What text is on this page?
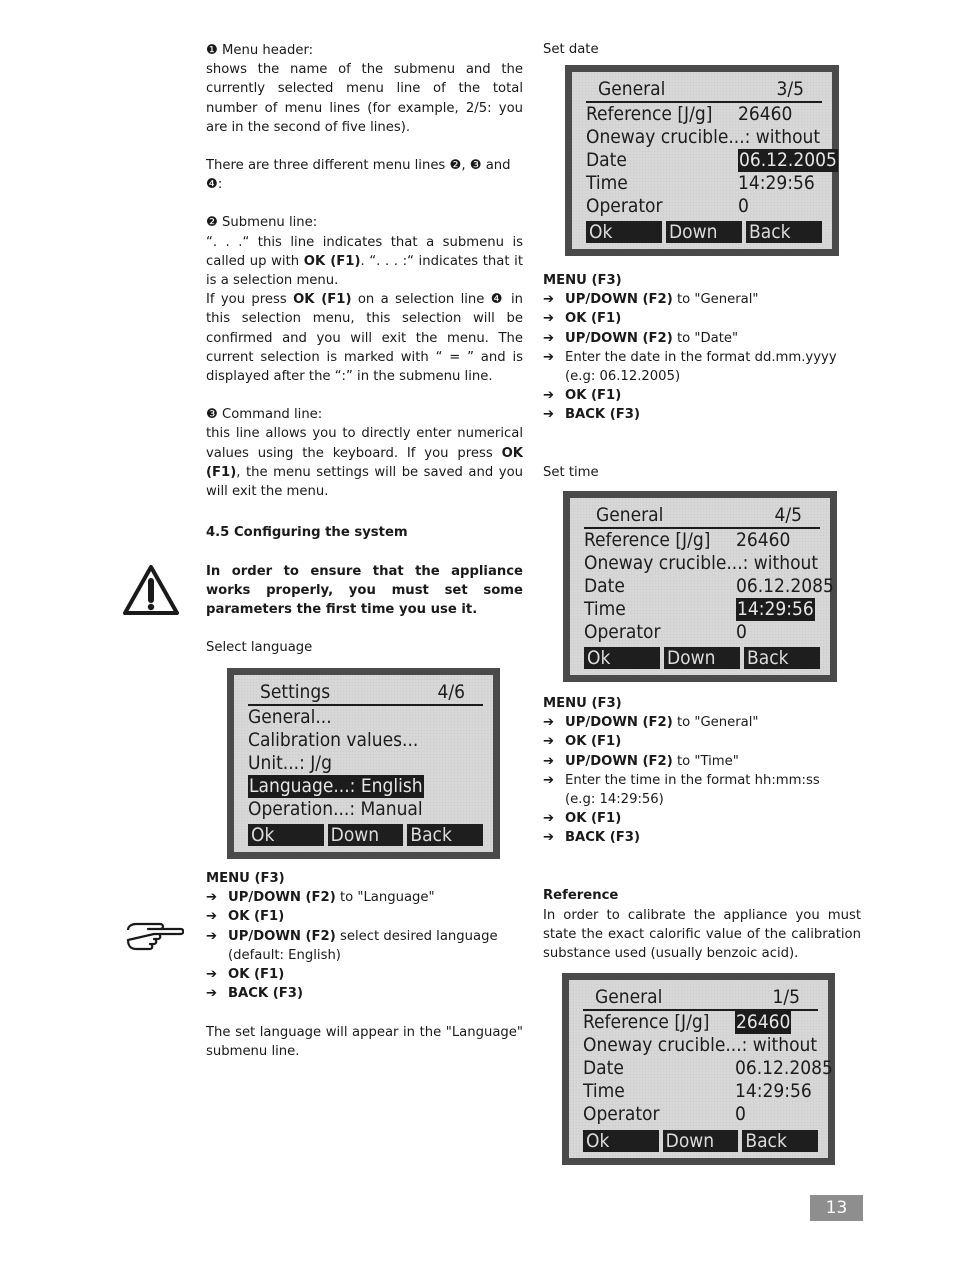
❶ Menu header:

shows the name of the submenu and the currently selected menu line of the total number of menu lines (for example, 2/5: you are in the second of five lines).

There are three different menu lines ❷, ❸ and ❹:

❷ Submenu line:

“. . .“ this line indicates that a submenu is called up with OK (F1). “. . . :“ indicates that it is a selection menu.

If you press OK (F1) on a selection line ❹ in this selection menu, this selection will be confirmed and you will exit the menu. The current selection is marked with “ = ” and is displayed after the “:” in the submenu line.

❸ Command line:

this line allows you to directly enter numerical values using the keyboard. If you press OK (F1), the menu settings will be saved and you will exit the menu.

4.5 Configuring the system

In order to ensure that the appliance works properly, you must set some parameters the first time you use it.

Select language

Settings	4/6
General...
Calibration values...
Unit...: J/g
Language...: English
Operation...: Manual
Ok	Down	Back
MENU (F3)
➔ UP/DOWN (F2) to "Language"
➔ OK (F1)
➔ UP/DOWN (F2) select desired language
(default: English)
➔ OK (F1)
➔ BACK (F3)

The set language will appear in the "Language" submenu line.

Set date

General	3/5
Reference [J/g] 26460
Oneway crucible...: without
Date	06.12.2005
Time	14:29:56
Operator	0
Ok	Down	Back
MENU (F3)
➔ UP/DOWN (F2) to "General"
➔ OK (F1)
➔ UP/DOWN (F2) to "Date"
➔ Enter the date in the format dd.mm.yyyy
(e.g: 06.12.2005)
➔ OK (F1)
➔ BACK (F3)

Set time

General	4/5
Reference [J/g] 26460
Oneway crucible...: without
Date	06.12.2085
Time	14:29:56
Operator	0
Ok	Down	Back
MENU (F3)
➔ UP/DOWN (F2) to "General"
➔ OK (F1)
➔ UP/DOWN (F2) to "Time"
➔ Enter the time in the format hh:mm:ss
(e.g: 14:29:56)
➔ OK (F1)
➔ BACK (F3)

Reference

In order to calibrate the appliance you must state the exact calorific value of the calibration substance used (usually benzoic acid).

General	1/5
Reference [J/g] 26460
Oneway crucible...: without
Date	06.12.2085
Time	14:29:56
Operator	0
Ok	Down	Back
13
